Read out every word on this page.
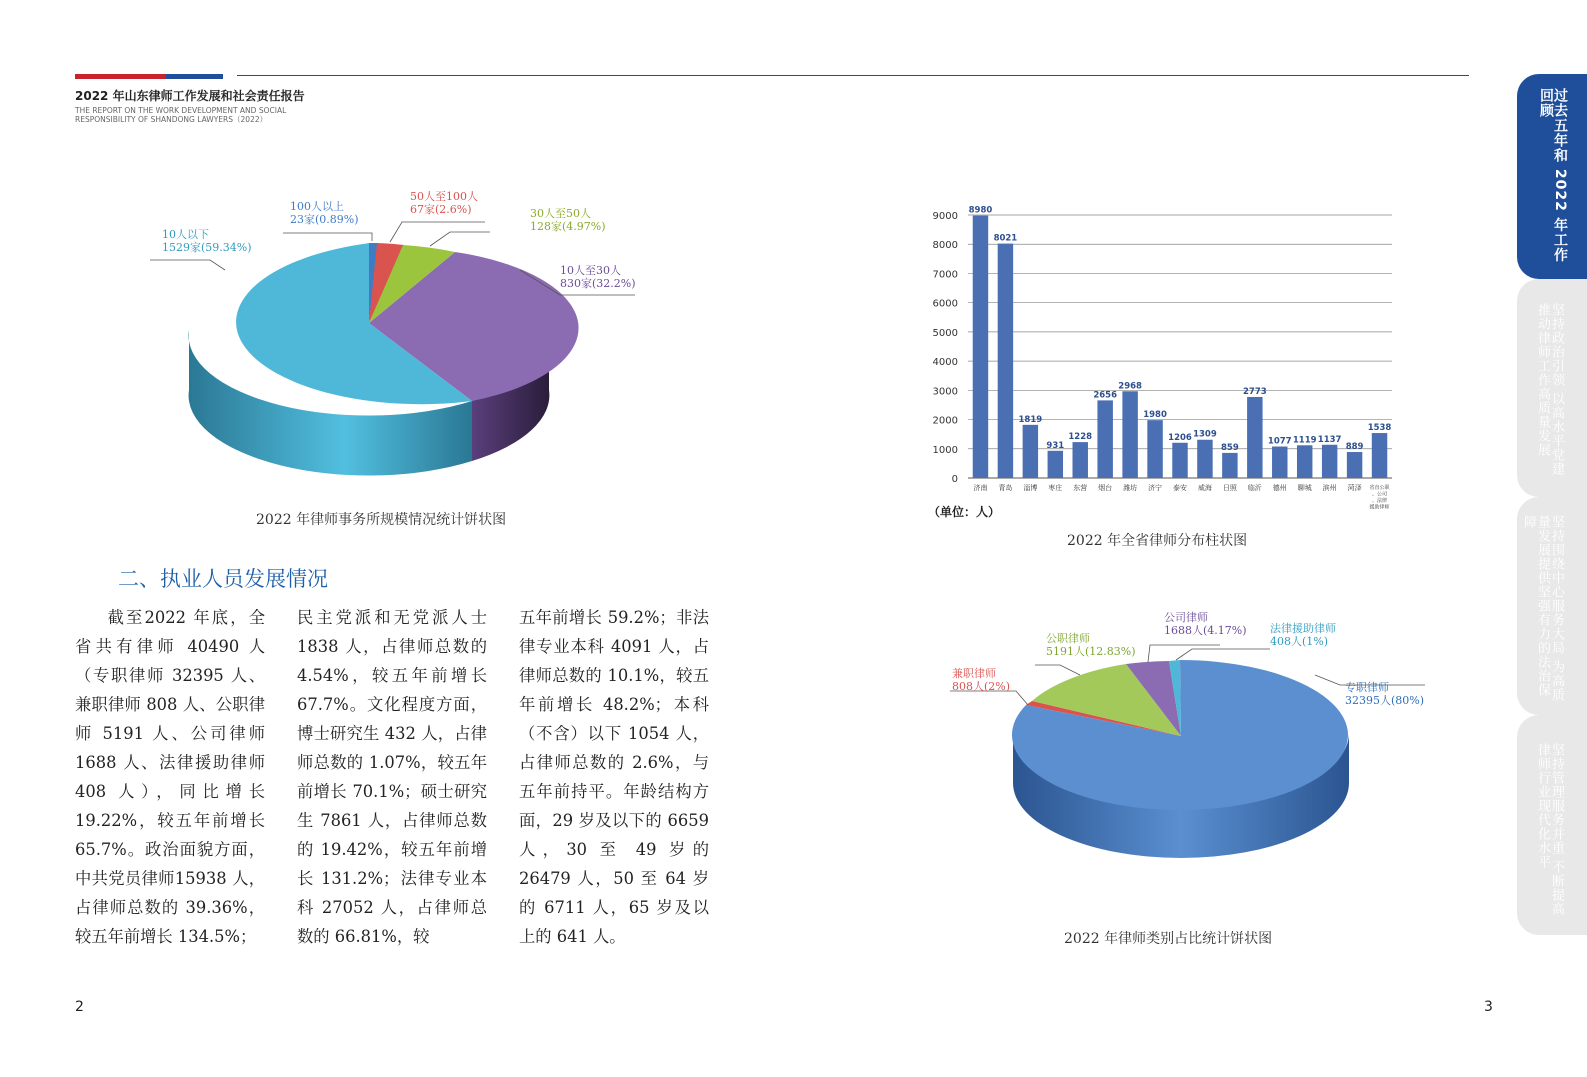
2022 年山东律师工作发展和社会责任报告
THE REPORT ON THE WORK DEVELOPMENT AND SOCIAL
RESPONSIBILITY OF SHANDONG LAWYERS（2022）
100人以上
23家(0.89%)
50人至100人
67家(2.6%)	30人至50人
128家(4.97%)
10人至30人
830家(32.2%)
10人以下
1529家(59.34%)
2022 年律师事务所规模情况统计饼状图
0
1000
2000
3000
4000
5000
6000
7000
8000
9000
8980
济南
8021
青岛
1819
淄博
931
枣庄
1228
东营
2656
烟台
2968
潍坊
1980
济宁
1206
泰安
1309
威海
859
日照
2773
临沂
1077
德州
1119
聊城
1137
滨州
889
菏泽
1538
省直公职、公司、法律援助律师
（单位：人）
2022 年全省律师分布柱状图
专职律师
32395人(80%)
兼职律师
808人(2%)
公职律师
5191人(12.83%)
公司律师
1688人(4.17%) 法律援助律师
408人(1%)
2022 年律师类别占比统计饼状图
二、执业人员发展情况
截至2022 年底，全省共有律师 40490 人（专职律师 32395 人、兼职律师 808 人、公职律师 5191 人、公司律师 1688 人、法律援助律师 408 人），同比增长 19.22%，较五年前增长 65.7%。政治面貌方面，中共党员律师15938 人，占律师总数的 39.36%，较五年前增长 134.5%；
民主党派和无党派人士 1838 人，占律师总数的 4.54%，较五年前增长 67.7%。文化程度方面，博士研究生 432 人，占律师总数的 1.07%，较五年前增长 70.1%；硕士研究生 7861 人，占律师总数的 19.42%，较五年前增长 131.2%；法律专业本科 27052 人，占律师总数的 66.81%，较
五年前增长 59.2%；非法律专业本科 4091 人，占律师总数的 10.1%，较五年前增长 48.2%；本科（不含）以下 1054 人，占律师总数的 2.6%，与五年前持平。年龄结构方面，29 岁及以下的 6659 人，30 至 49 岁的 26479 人，50 至 64 岁的 6711 人，65 岁及以上的 641 人。
2	3
过去五年和 2022 年工作回顾
坚持政治引领 以高水平党建推动律师工作高质量发展
坚持围绕中心服务大局 为高质量发展提供坚强有力的法治保障
坚持管理服务并重 不断提高律师行业现代化水平
